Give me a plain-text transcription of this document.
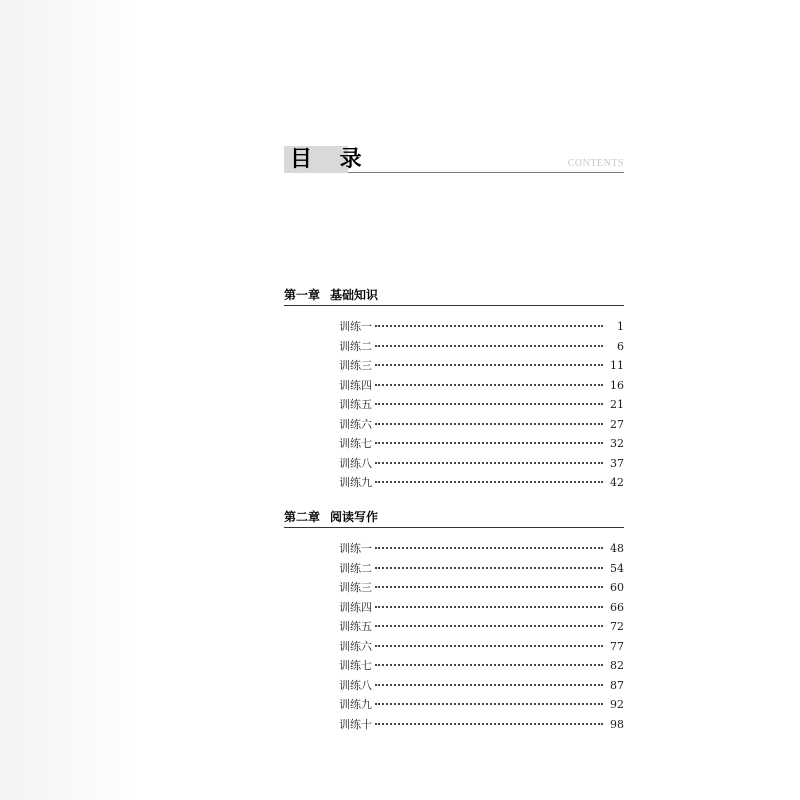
目 录	CONTENTS
第一章 基础知识
训练一	1
训练二	6
训练三	11
训练四	16
训练五	21
训练六	27
训练七	32
训练八	37
训练九	42
第二章 阅读写作
训练一	48
训练二	54
训练三	60
训练四	66
训练五	72
训练六	77
训练七	82
训练八	87
训练九	92
训练十	98
